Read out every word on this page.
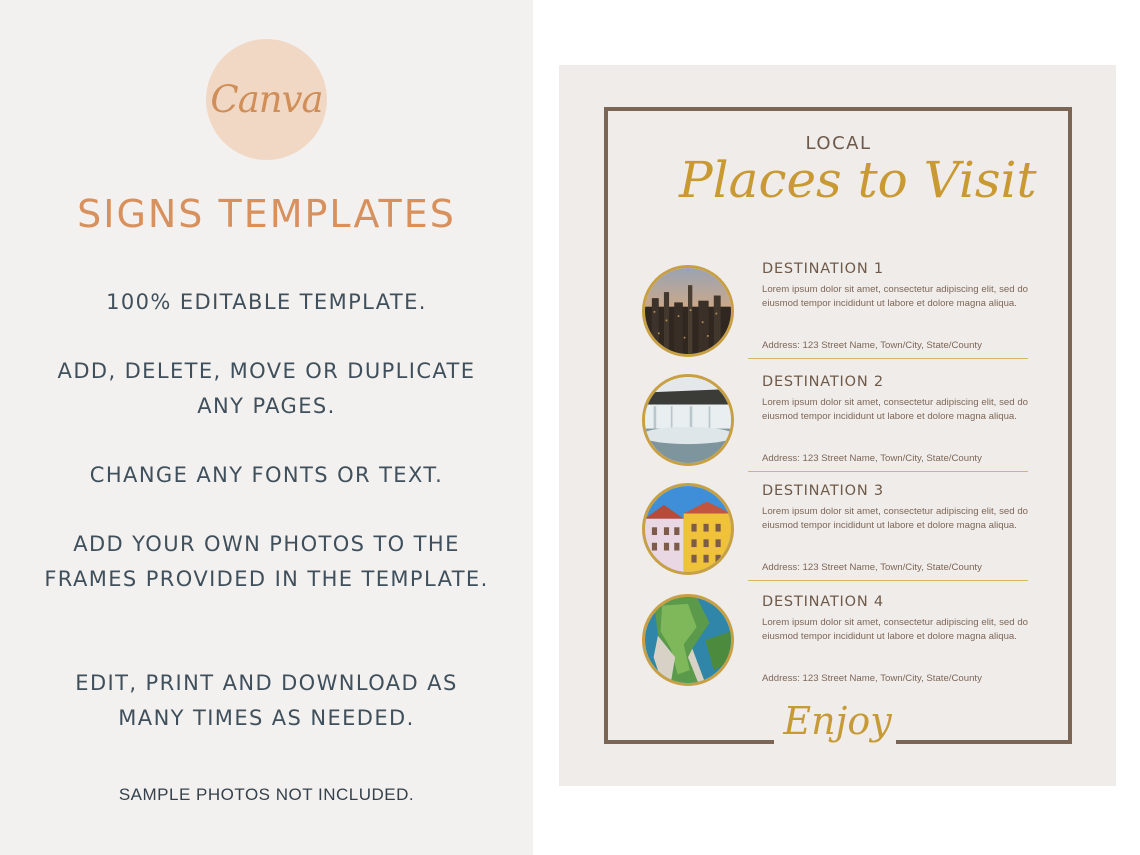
Canva
SIGNS TEMPLATES
100% EDITABLE TEMPLATE.
ADD, DELETE, MOVE OR DUPLICATE ANY PAGES.
CHANGE ANY FONTS OR TEXT.
ADD YOUR OWN PHOTOS TO THE FRAMES PROVIDED IN THE TEMPLATE.
EDIT, PRINT AND DOWNLOAD AS MANY TIMES AS NEEDED.
SAMPLE PHOTOS NOT INCLUDED.
Enjoy
LOCAL
Places to Visit
DESTINATION 1
Lorem ipsum dolor sit amet, consectetur adipiscing elit, sed do eiusmod tempor incididunt ut labore et dolore magna aliqua.
Address: 123 Street Name, Town/City, State/County
DESTINATION 2
Lorem ipsum dolor sit amet, consectetur adipiscing elit, sed do eiusmod tempor incididunt ut labore et dolore magna aliqua.
Address: 123 Street Name, Town/City, State/County
DESTINATION 3
Lorem ipsum dolor sit amet, consectetur adipiscing elit, sed do eiusmod tempor incididunt ut labore et dolore magna aliqua.
Address: 123 Street Name, Town/City, State/County
DESTINATION 4
Lorem ipsum dolor sit amet, consectetur adipiscing elit, sed do eiusmod tempor incididunt ut labore et dolore magna aliqua.
Address: 123 Street Name, Town/City, State/County
